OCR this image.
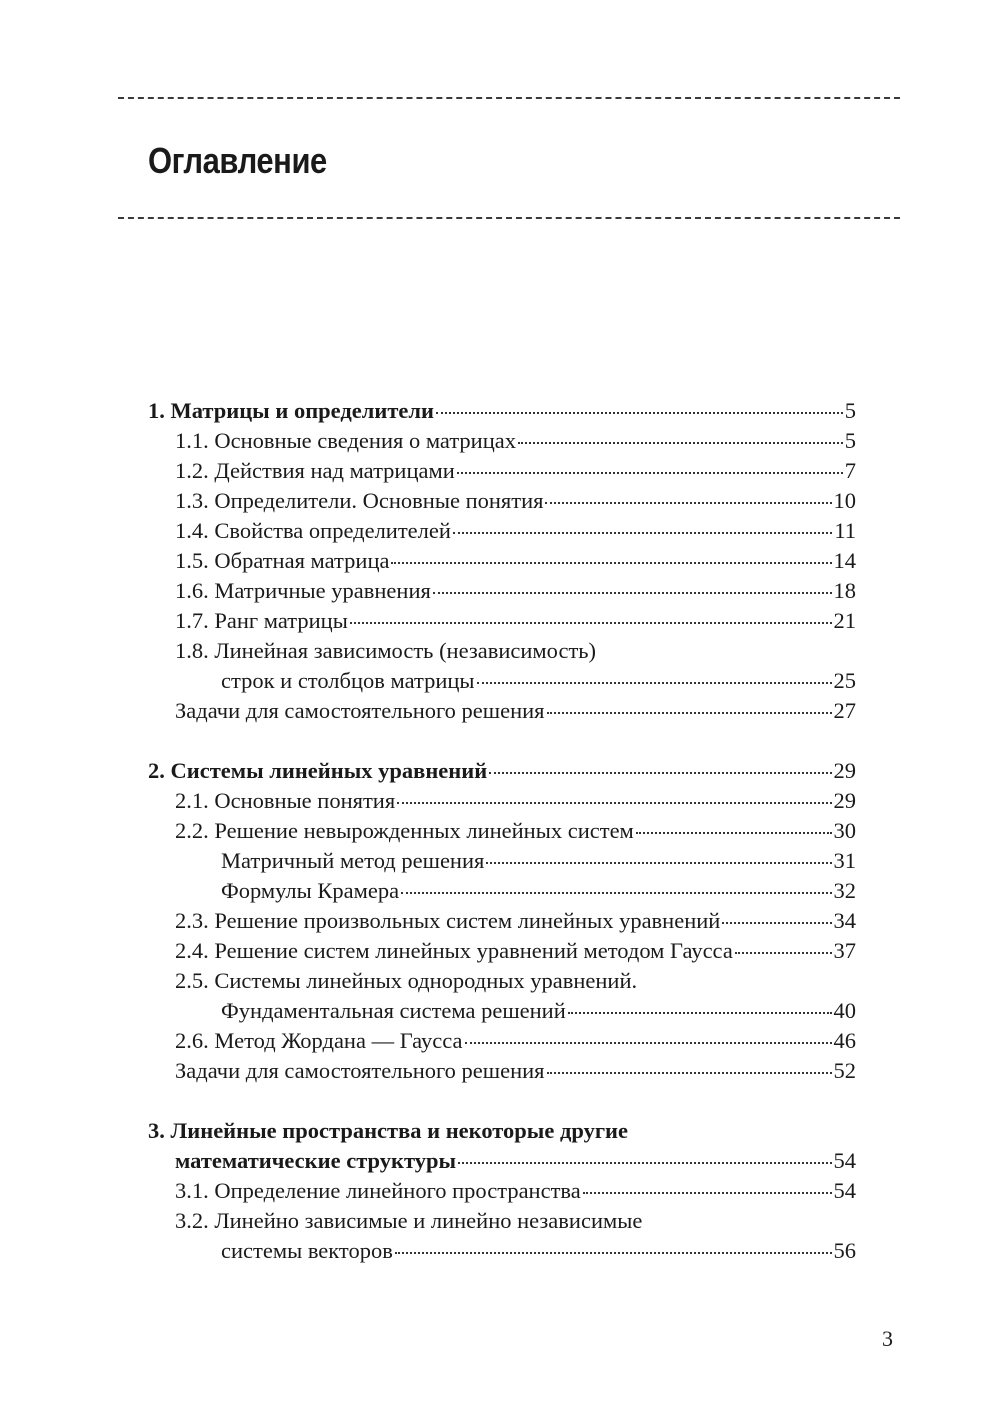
Оглавление
1. Матрицы и определители	5
1.1. Основные сведения о матрицах	5
1.2. Действия над матрицами	7
1.3. Определители. Основные понятия	10
1.4. Свойства определителей	11
1.5. Обратная матрица	14
1.6. Матричные уравнения	18
1.7. Ранг матрицы	21
1.8. Линейная зависимость (независимость)
строк и столбцов матрицы	25
Задачи для самостоятельного решения	27
2. Системы линейных уравнений	29
2.1. Основные понятия	29
2.2. Решение невырожденных линейных систем	30
Матричный метод решения	31
Формулы Крамера	32
2.3. Решение произвольных систем линейных уравнений	34
2.4. Решение систем линейных уравнений методом Гаусса	37
2.5. Системы линейных однородных уравнений.
Фундаментальная система решений	40
2.6. Метод Жордана — Гаусса	46
Задачи для самостоятельного решения	52
3. Линейные пространства и некоторые другие
математические структуры	54
3.1. Определение линейного пространства	54
3.2. Линейно зависимые и линейно независимые
системы векторов	56
3
